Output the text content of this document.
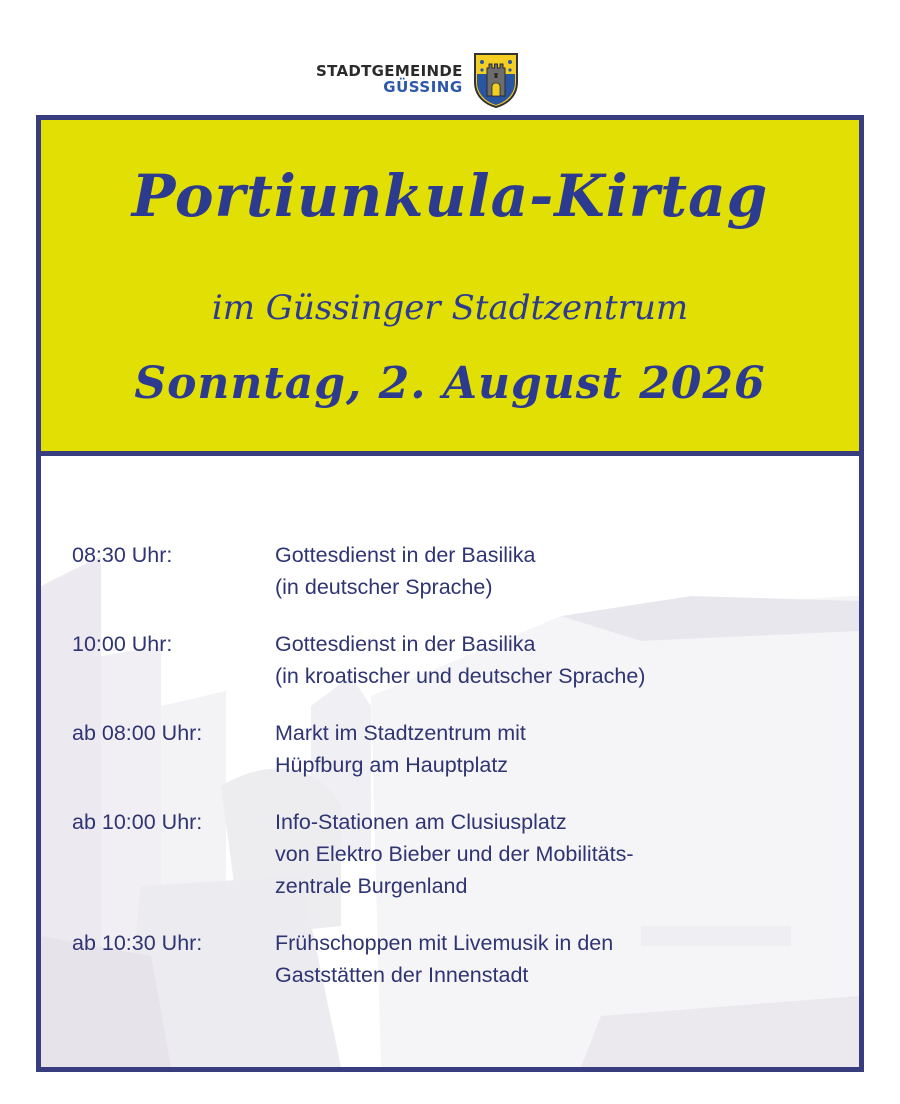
STADTGEMEINDE
GÜSSING
Portiunkula-Kirtag
im Güssinger Stadtzentrum
Sonntag, 2. August 2026
08:30 Uhr:	Gottesdienst in der Basilika
(in deutscher Sprache)
10:00 Uhr:	Gottesdienst in der Basilika
(in kroatischer und deutscher Sprache)
ab 08:00 Uhr:	Markt im Stadtzentrum mit
Hüpfburg am Hauptplatz
ab 10:00 Uhr:	Info-Stationen am Clusiusplatz
von Elektro Bieber und der Mobilitäts-
zentrale Burgenland
ab 10:30 Uhr:	Frühschoppen mit Livemusik in den
Gaststätten der Innenstadt
